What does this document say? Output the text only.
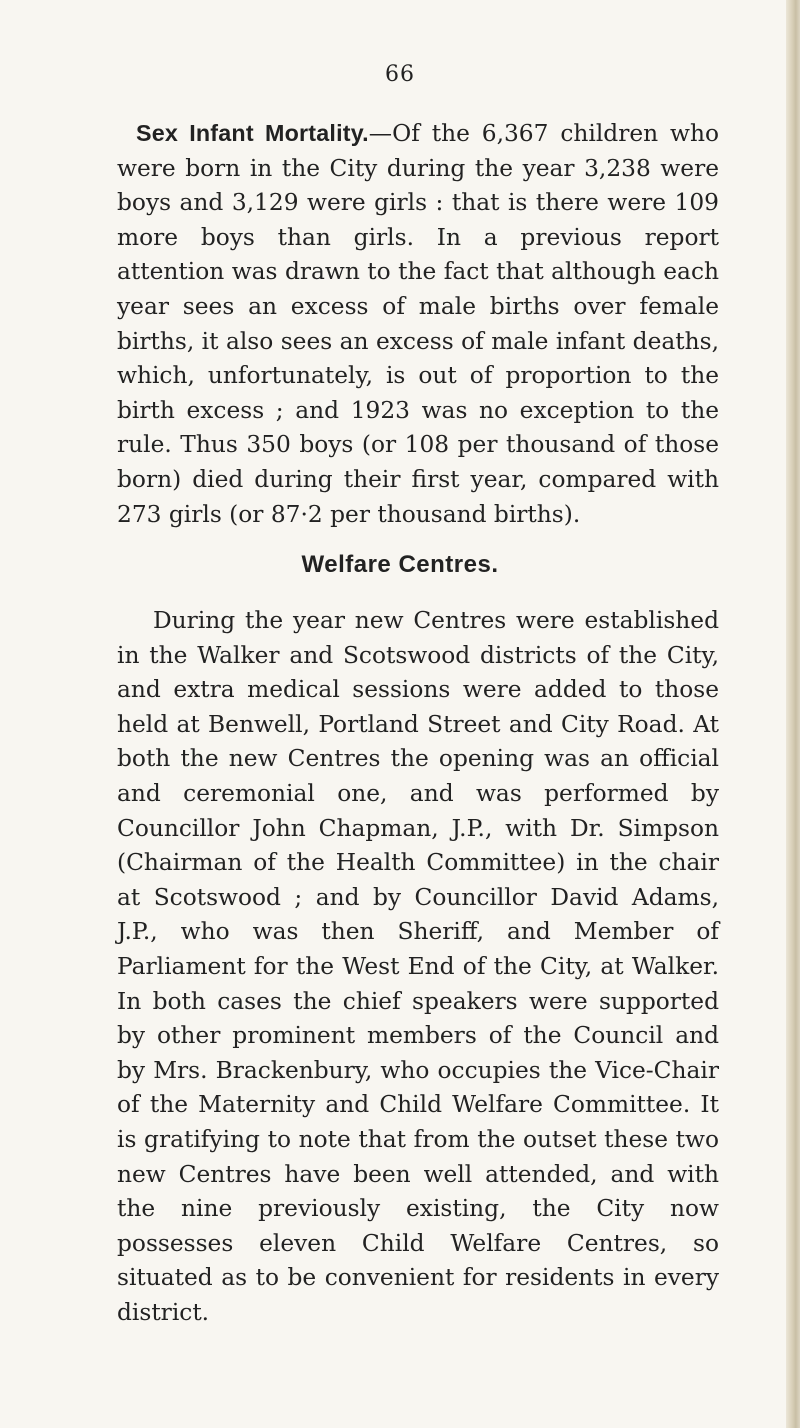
66

Sex Infant Mortality.—Of the 6,367 children who were born in the City during the year 3,238 were boys and 3,129 were girls : that is there were 109 more boys than girls. In a previous report attention was drawn to the fact that although each year sees an excess of male births over female births, it also sees an excess of male infant deaths, which, unfortunately, is out of proportion to the birth excess ; and 1923 was no exception to the rule. Thus 350 boys (or 108 per thousand of those born) died during their first year, compared with 273 girls (or 87·2 per thousand births).

Welfare Centres.

During the year new Centres were established in the Walker and Scotswood districts of the City, and extra medical sessions were added to those held at Benwell, Portland Street and City Road. At both the new Centres the opening was an official and ceremonial one, and was performed by Councillor John Chapman, J.P., with Dr. Simpson (Chairman of the Health Committee) in the chair at Scotswood ; and by Councillor David Adams, J.P., who was then Sheriff, and Member of Parliament for the West End of the City, at Walker. In both cases the chief speakers were supported by other prominent members of the Council and by Mrs. Brackenbury, who occupies the Vice-Chair of the Maternity and Child Welfare Committee. It is gratifying to note that from the outset these two new Centres have been well attended, and with the nine previously existing, the City now possesses eleven Child Welfare Centres, so situated as to be convenient for residents in every district.
